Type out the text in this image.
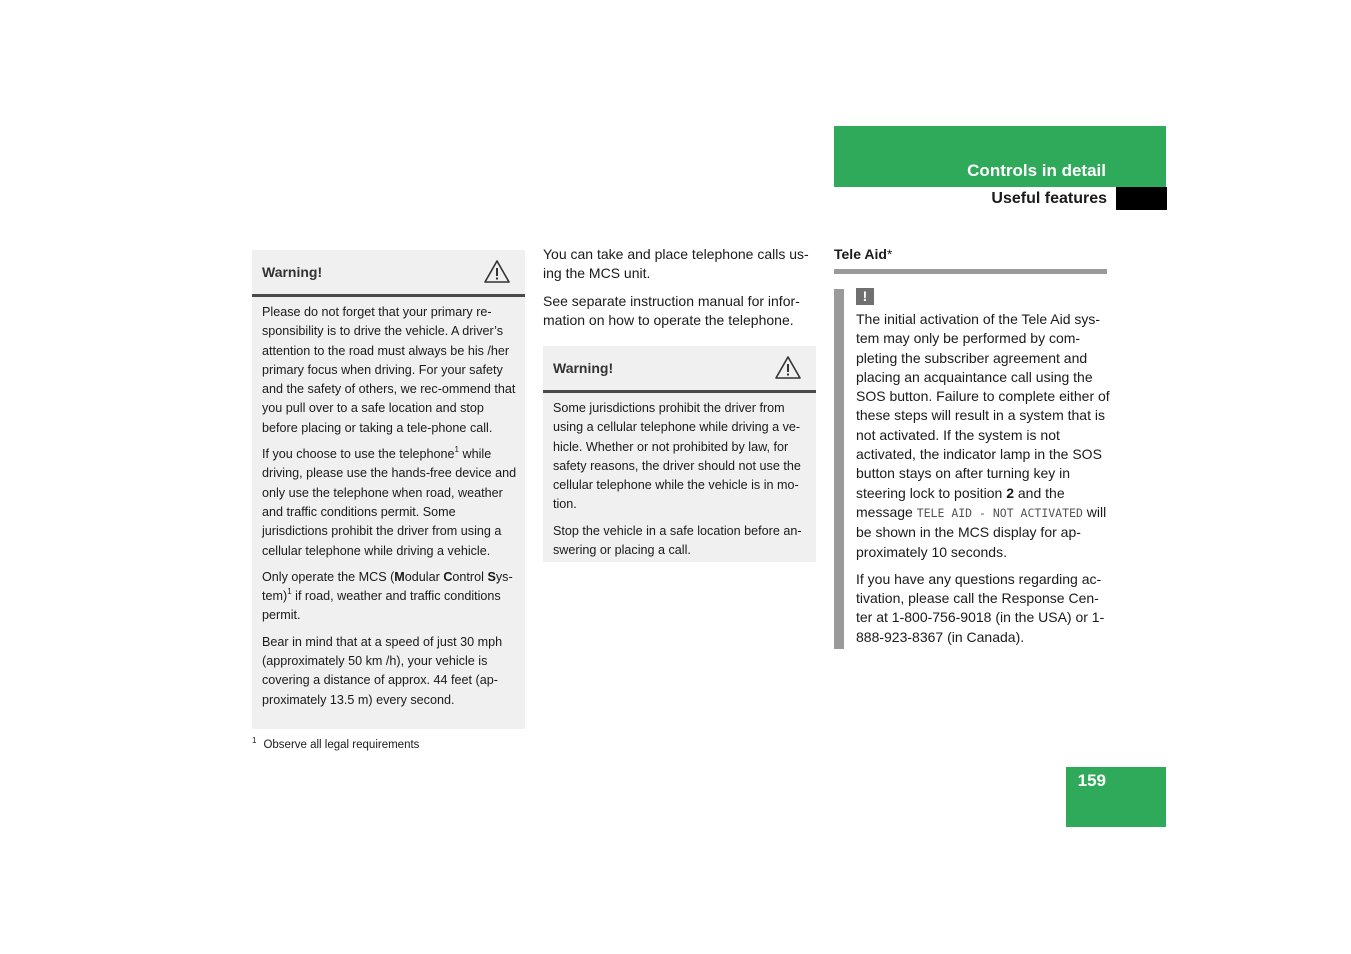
Controls in detail
Useful features
Warning!

Please do not forget that your primary re-sponsibility is to drive the vehicle. A driver’s attention to the road must always be his /her primary focus when driving. For your safety and the safety of others, we rec-ommend that you pull over to a safe location and stop before placing or taking a tele-phone call.

If you choose to use the telephone$^1$ while driving, please use the hands-free device and only use the telephone when road, weather and traffic conditions permit. Some jurisdictions prohibit the driver from using a cellular telephone while driving a vehicle.

Only operate the MCS (Modular Control Sys-tem)$^1$ if road, weather and traffic conditions permit.

Bear in mind that at a speed of just 30 mph (approximately 50 km /h), your vehicle is covering a distance of approx. 44 feet (ap-proximately 13.5 m) every second.

$^1$ Observe all legal requirements

You can take and place telephone calls us-ing the MCS unit.

See separate instruction manual for infor-mation on how to operate the telephone.

Warning!

Some jurisdictions prohibit the driver from using a cellular telephone while driving a ve-hicle. Whether or not prohibited by law, for safety reasons, the driver should not use the cellular telephone while the vehicle is in mo-tion.

Stop the vehicle in a safe location before an-swering or placing a call.

Tele Aid*
!

The initial activation of the Tele Aid sys-tem may only be performed by com-pleting the subscriber agreement and placing an acquaintance call using the SOS button. Failure to complete either of these steps will result in a system that is not activated. If the system is not activated, the indicator lamp in the SOS button stays on after turning key in steering lock to position 2 and the message TELE AID - NOT ACTIVATED will be shown in the MCS display for ap-proximately 10 seconds.

If you have any questions regarding ac-tivation, please call the Response Cen-ter at 1-800-756-9018 (in the USA) or 1-888-923-8367 (in Canada).

159
